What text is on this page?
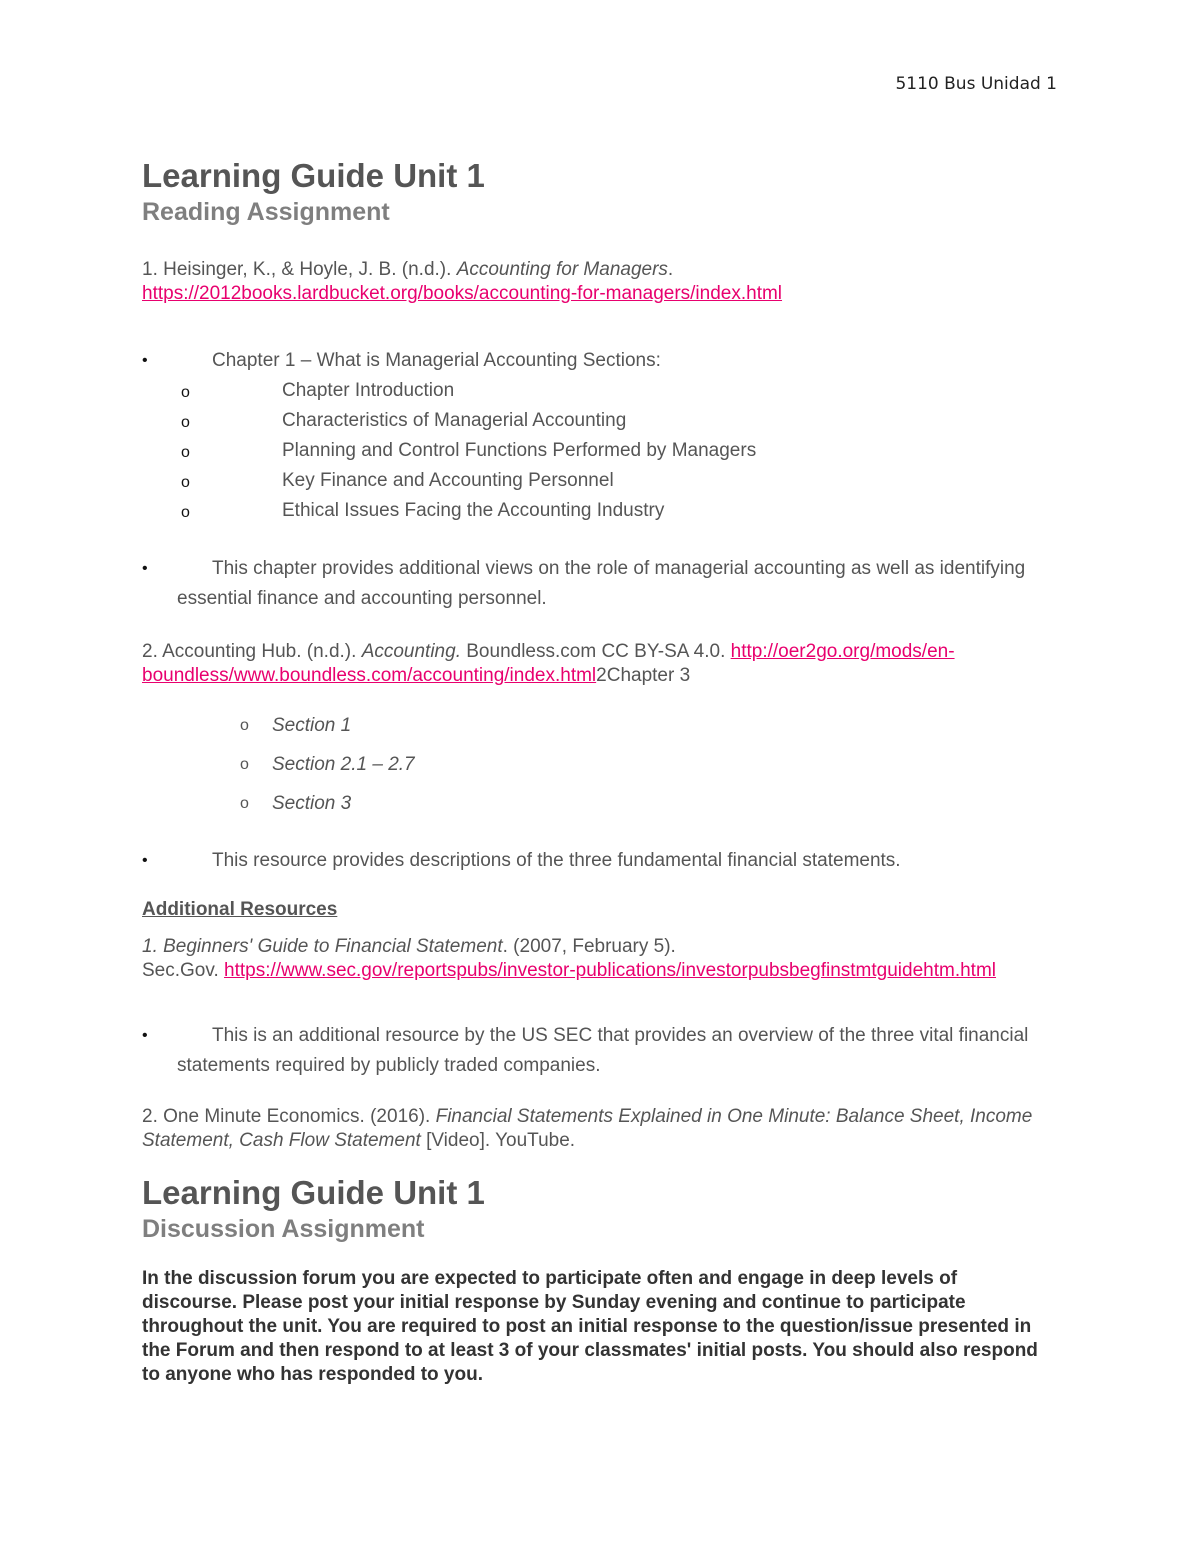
5110 Bus Unidad 1
Learning Guide Unit 1
Reading Assignment

1. Heisinger, K., & Hoyle, J. B. (n.d.). Accounting for Managers. https://2012books.lardbucket.org/books/accounting-for-managers/index.html

•	Chapter 1 – What is Managerial Accounting Sections:
o	Chapter Introduction
o	Characteristics of Managerial Accounting
o	Planning and Control Functions Performed by Managers
o	Key Finance and Accounting Personnel
o	Ethical Issues Facing the Accounting Industry
•	This chapter provides additional views on the role of managerial accounting as well as identifying essential finance and accounting personnel.

2. Accounting Hub. (n.d.). Accounting. Boundless.com CC BY-SA 4.0. http://oer2go.org/mods/en-boundless/www.boundless.com/accounting/index.html2Chapter 3

o Section 1
o Section 2.1 – 2.7
o Section 3
•	This resource provides descriptions of the three fundamental financial statements.

Additional Resources

1. Beginners' Guide to Financial Statement. (2007, February 5).
Sec.Gov. https://www.sec.gov/reportspubs/investor-publications/investorpubsbegfinstmtguidehtm.html

•	This is an additional resource by the US SEC that provides an overview of the three vital financial statements required by publicly traded companies.

2. One Minute Economics. (2016). Financial Statements Explained in One Minute: Balance Sheet, Income Statement, Cash Flow Statement [Video]. YouTube.

Learning Guide Unit 1
Discussion Assignment

In the discussion forum you are expected to participate often and engage in deep levels of discourse. Please post your initial response by Sunday evening and continue to participate throughout the unit. You are required to post an initial response to the question/issue presented in the Forum and then respond to at least 3 of your classmates' initial posts. You should also respond to anyone who has responded to you.
